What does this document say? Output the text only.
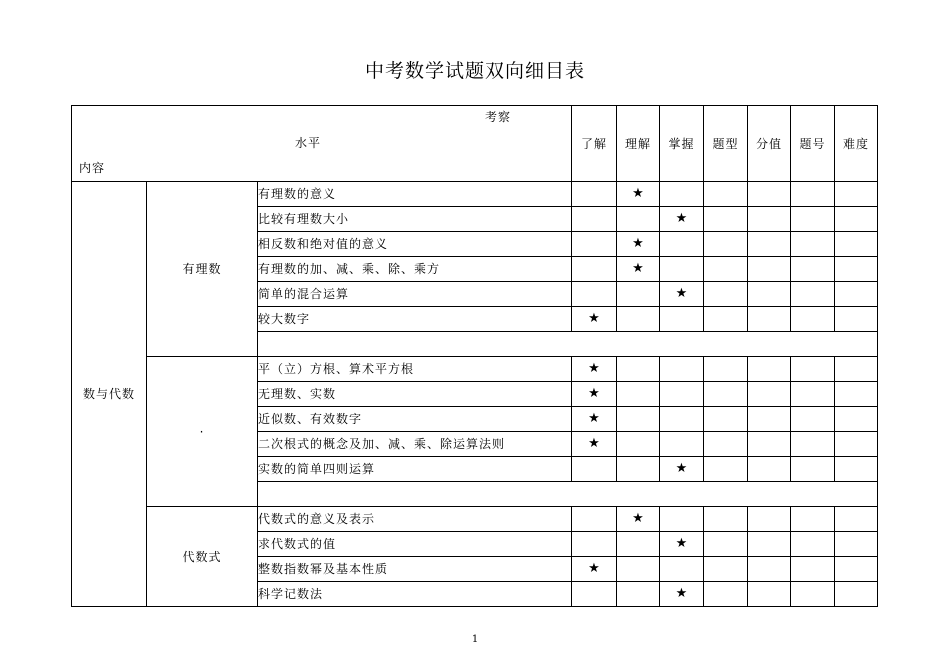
中考数学试题双向细目表
考察
水平
内容			了解	理解	掌握	题型	分值	题号	难度
数与代数	有理数	有理数的意义		★					
		比较有理数大小			★				
		相反数和绝对值的意义		★					
		有理数的加、减、乘、除、乘方		★					
		简单的混合运算			★				
		较大数字	★						

	·	平（立）方根、算术平方根	★						
		无理数、实数	★						
		近似数、有效数字	★						
		二次根式的概念及加、减、乘、除运算法则	★						
		实数的简单四则运算			★				

	代数式	代数式的意义及表示		★					
		求代数式的值			★				
		整数指数幂及基本性质	★						
		科学记数法			★				
1
